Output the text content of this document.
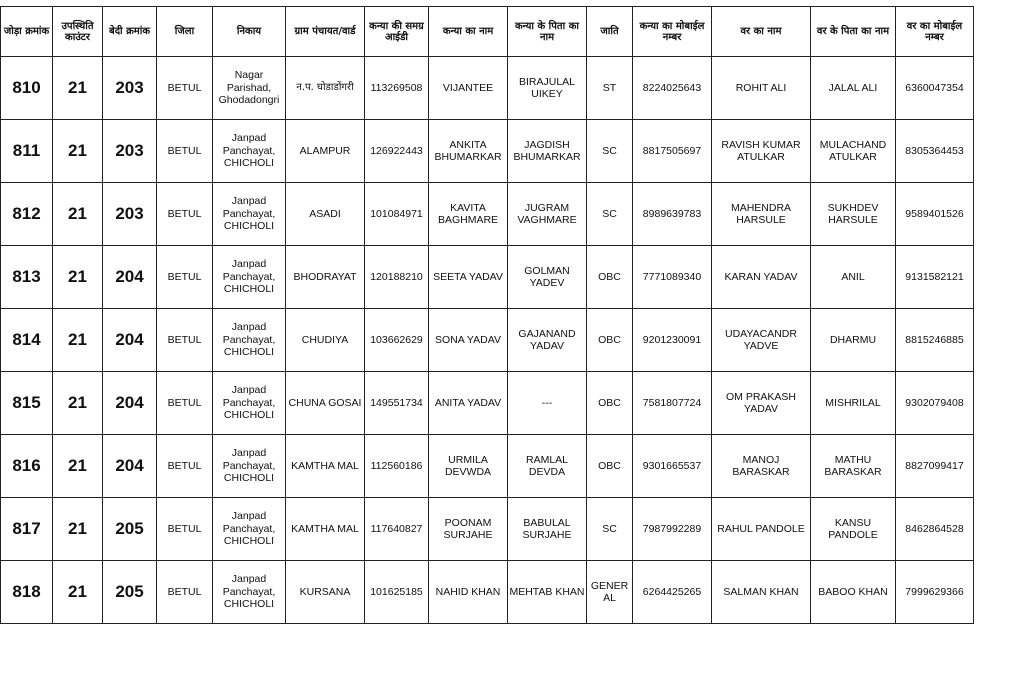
जोड़ा क्रमांक	उपस्थिति काउंटर	बेदी क्रमांक	जिला	निकाय	ग्राम पंचायत/वार्ड	कन्या की समग्र आईडी	कन्या का नाम	कन्या के पिता का नाम	जाति	कन्या का मोबाईल नम्बर	वर का नाम	वर के पिता का नाम	वर का मोबाईल नम्बर
810	21	203	BETUL	Nagar Parishad, Ghodadongri	न.प. घोडाडोंगरी	113269508	VIJANTEE	BIRAJULAL UIKEY	ST	8224025643	ROHIT ALI	JALAL ALI	6360047354
811	21	203	BETUL	Janpad Panchayat, CHICHOLI	ALAMPUR	126922443	ANKITA BHUMARKAR	JAGDISH BHUMARKAR	SC	8817505697	RAVISH KUMAR ATULKAR	MULACHAND ATULKAR	8305364453
812	21	203	BETUL	Janpad Panchayat, CHICHOLI	ASADI	101084971	KAVITA BAGHMARE	JUGRAM VAGHMARE	SC	8989639783	MAHENDRA HARSULE	SUKHDEV HARSULE	9589401526
813	21	204	BETUL	Janpad Panchayat, CHICHOLI	BHODRAYAT	120188210	SEETA YADAV	GOLMAN YADEV	OBC	7771089340	KARAN YADAV	ANIL	9131582121
814	21	204	BETUL	Janpad Panchayat, CHICHOLI	CHUDIYA	103662629	SONA YADAV	GAJANAND YADAV	OBC	9201230091	UDAYACANDR YADVE	DHARMU	8815246885
815	21	204	BETUL	Janpad Panchayat, CHICHOLI	CHUNA GOSAI	149551734	ANITA YADAV	---	OBC	7581807724	OM PRAKASH YADAV	MISHRILAL	9302079408
816	21	204	BETUL	Janpad Panchayat, CHICHOLI	KAMTHA MAL	112560186	URMILA DEVWDA	RAMLAL DEVDA	OBC	9301665537	MANOJ BARASKAR	MATHU BARASKAR	8827099417
817	21	205	BETUL	Janpad Panchayat, CHICHOLI	KAMTHA MAL	117640827	POONAM SURJAHE	BABULAL SURJAHE	SC	7987992289	RAHUL PANDOLE	KANSU PANDOLE	8462864528
818	21	205	BETUL	Janpad Panchayat, CHICHOLI	KURSANA	101625185	NAHID KHAN	MEHTAB KHAN	GENER AL	6264425265	SALMAN KHAN	BABOO KHAN	7999629366
